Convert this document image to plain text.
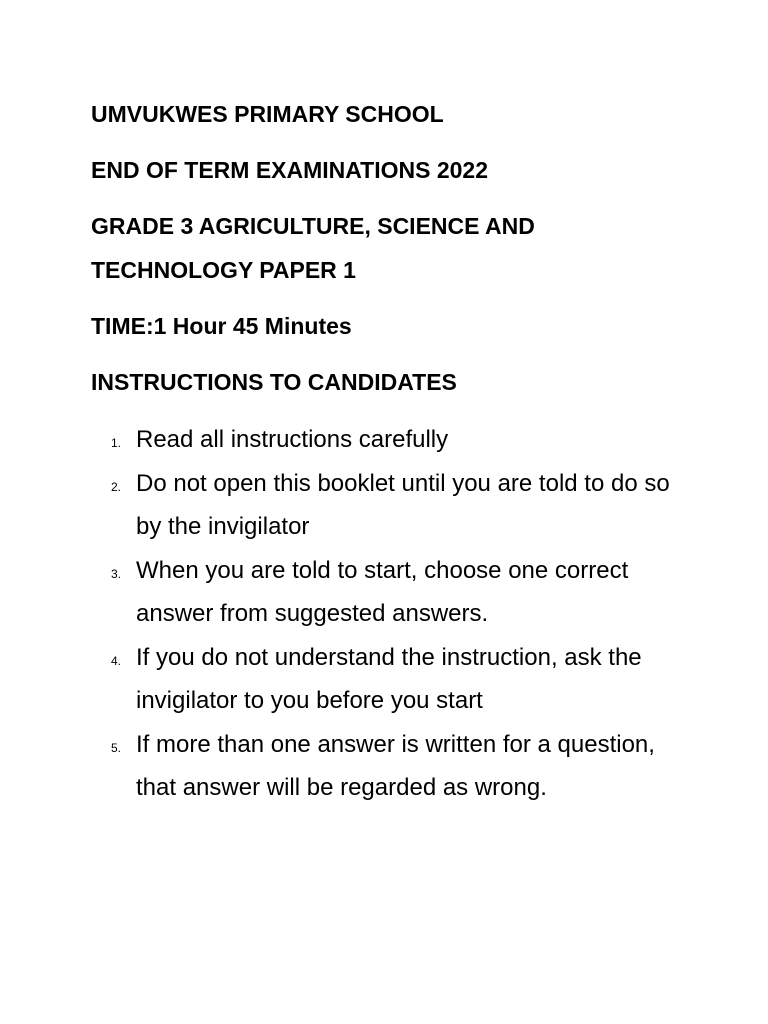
UMVUKWES PRIMARY SCHOOL
END OF TERM EXAMINATIONS 2022
GRADE 3 AGRICULTURE, SCIENCE AND TECHNOLOGY PAPER 1
TIME:1 Hour 45 Minutes
INSTRUCTIONS TO CANDIDATES
1. Read all instructions carefully
2. Do not open this booklet until you are told to do so by the invigilator
3. When you are told to start, choose one correct answer from suggested answers.
4. If you do not understand the instruction, ask the invigilator to you before you start
5. If more than one answer is written for a question, that answer will be regarded as wrong.
